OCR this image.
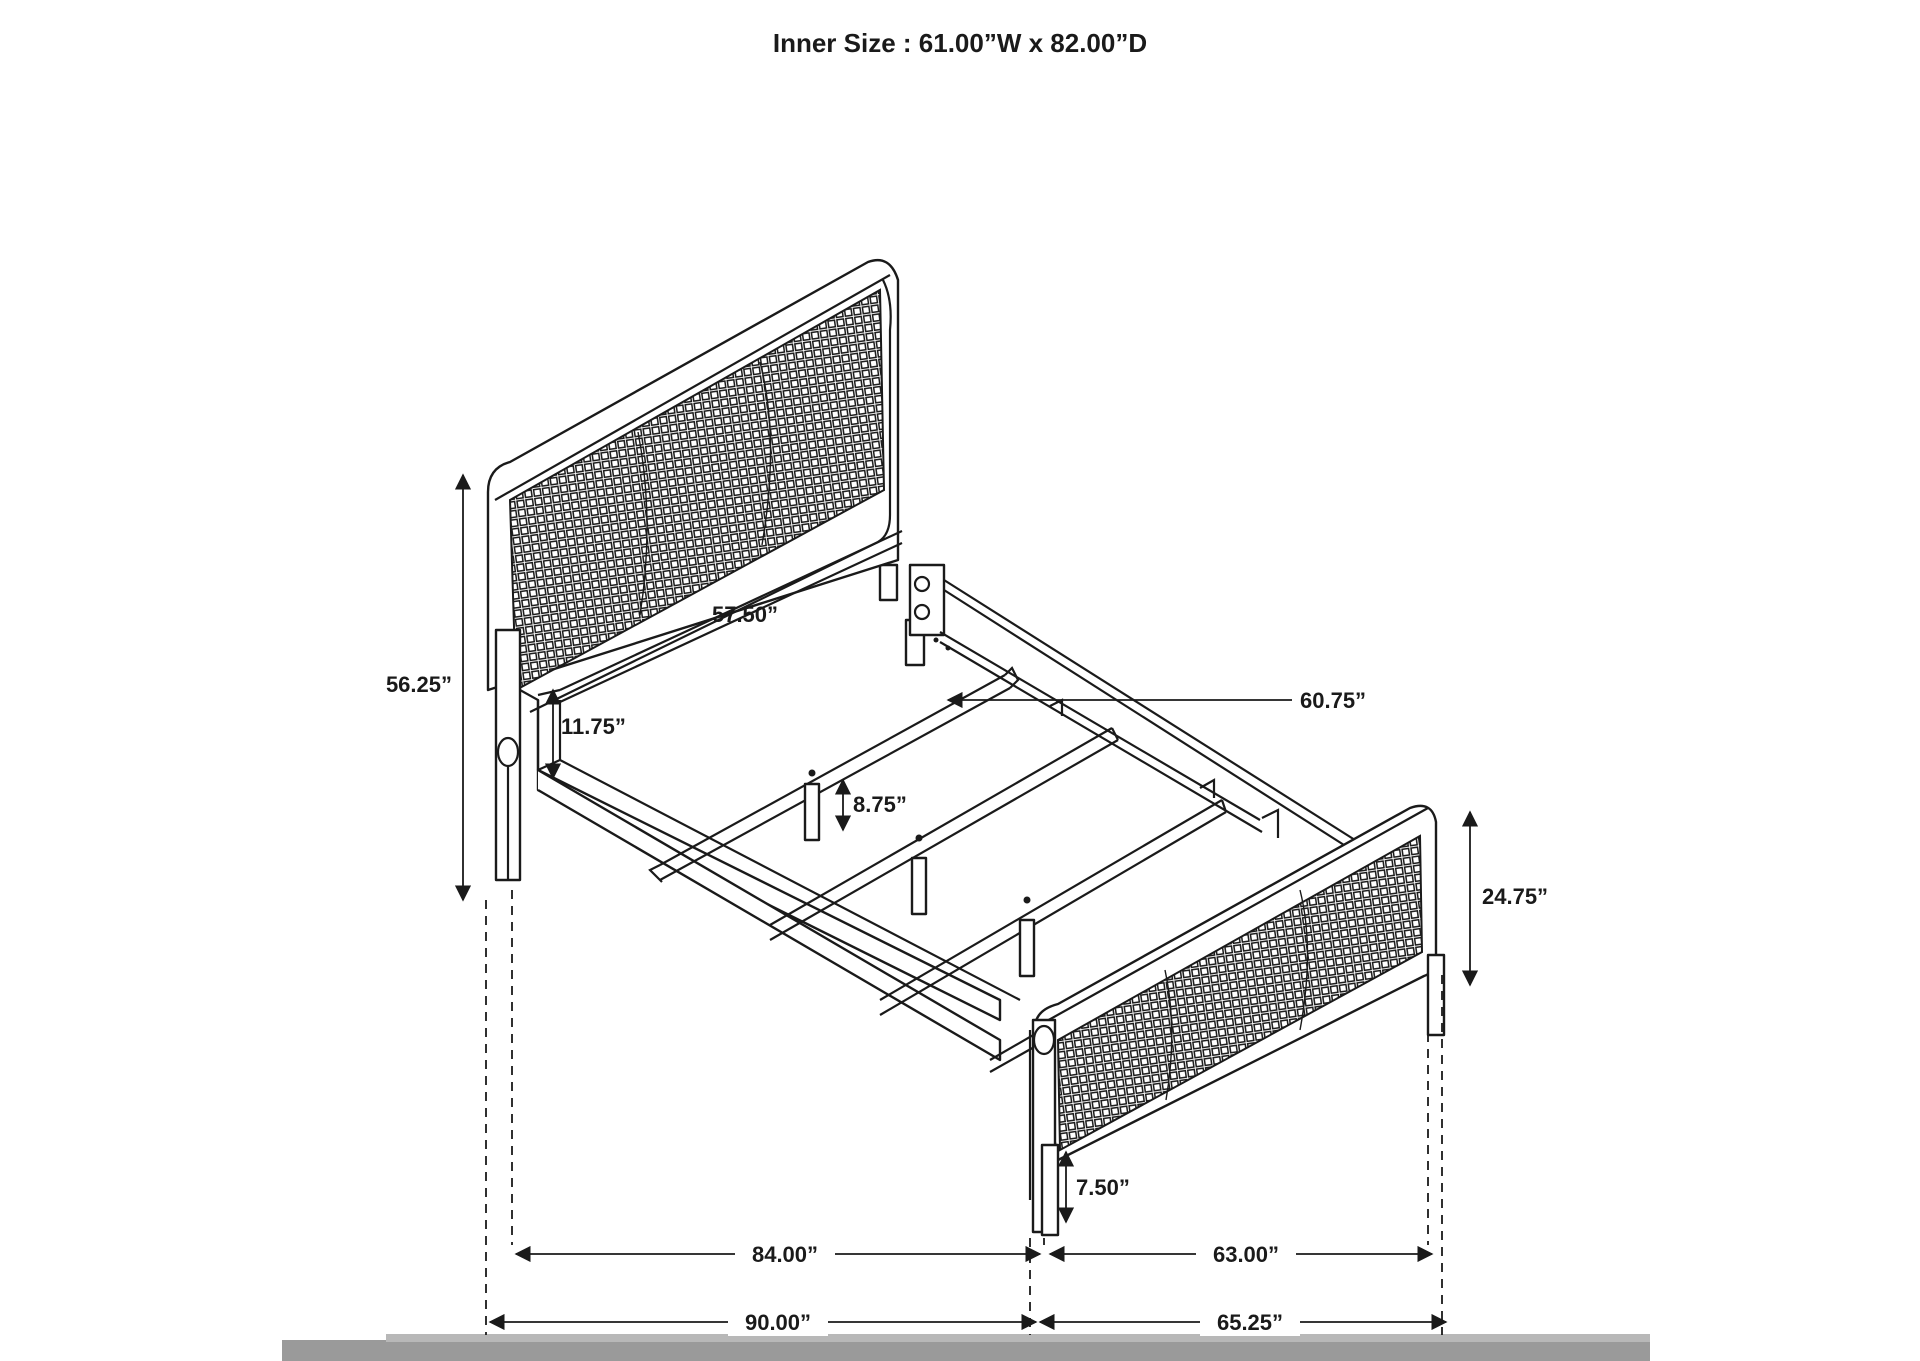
Inner Size : 61.00”W x 82.00”D
56.25”
57.50”
11.75”
60.75”
8.75”
24.75”
7.50”
84.00”	63.00”
90.00”	65.25”
